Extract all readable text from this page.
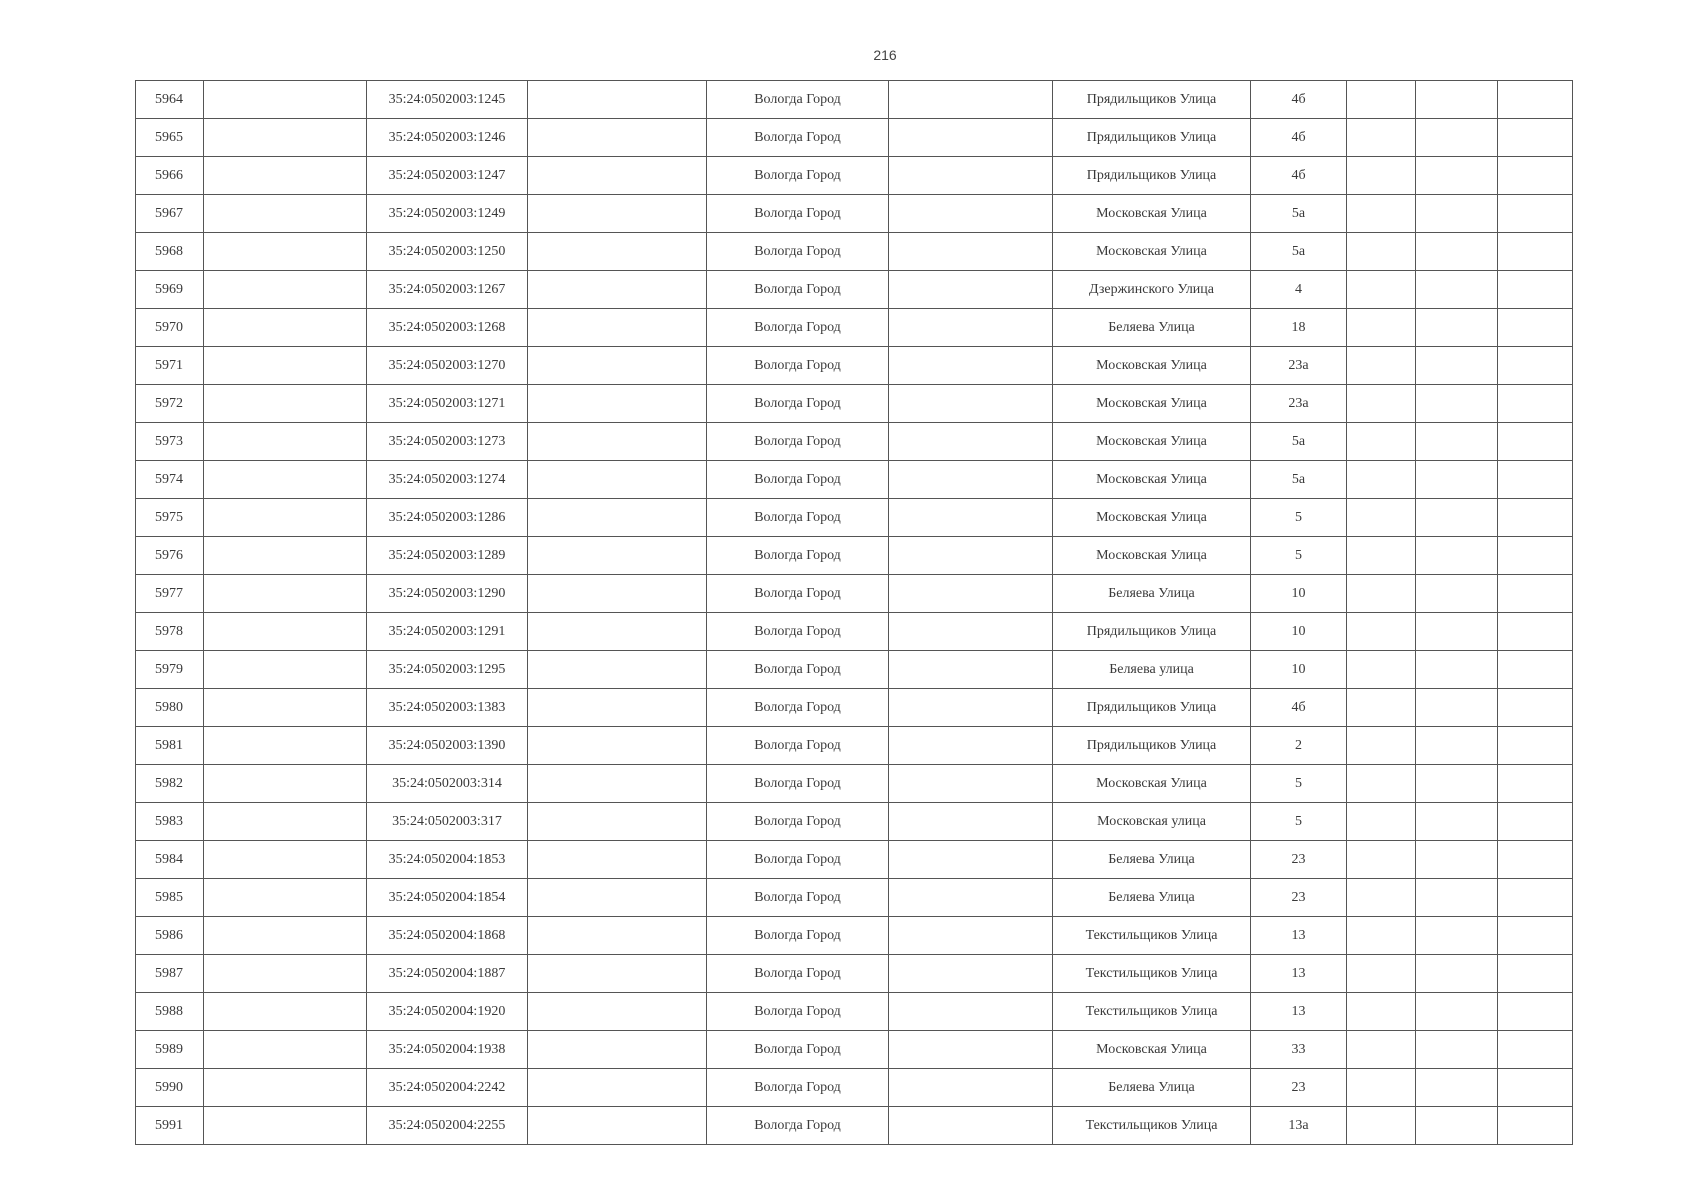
216
5964		35:24:0502003:1245		Вологда Город		Прядильщиков Улица	4б			
5965		35:24:0502003:1246		Вологда Город		Прядильщиков Улица	4б			
5966		35:24:0502003:1247		Вологда Город		Прядильщиков Улица	4б			
5967		35:24:0502003:1249		Вологда Город		Московская Улица	5а			
5968		35:24:0502003:1250		Вологда Город		Московская Улица	5а			
5969		35:24:0502003:1267		Вологда Город		Дзержинского Улица	4			
5970		35:24:0502003:1268		Вологда Город		Беляева Улица	18			
5971		35:24:0502003:1270		Вологда Город		Московская Улица	23а			
5972		35:24:0502003:1271		Вологда Город		Московская Улица	23а			
5973		35:24:0502003:1273		Вологда Город		Московская Улица	5а			
5974		35:24:0502003:1274		Вологда Город		Московская Улица	5а			
5975		35:24:0502003:1286		Вологда Город		Московская Улица	5			
5976		35:24:0502003:1289		Вологда Город		Московская Улица	5			
5977		35:24:0502003:1290		Вологда Город		Беляева Улица	10			
5978		35:24:0502003:1291		Вологда Город		Прядильщиков Улица	10			
5979		35:24:0502003:1295		Вологда Город		Беляева улица	10			
5980		35:24:0502003:1383		Вологда Город		Прядильщиков Улица	4б			
5981		35:24:0502003:1390		Вологда Город		Прядильщиков Улица	2			
5982		35:24:0502003:314		Вологда Город		Московская Улица	5			
5983		35:24:0502003:317		Вологда Город		Московская улица	5			
5984		35:24:0502004:1853		Вологда Город		Беляева Улица	23			
5985		35:24:0502004:1854		Вологда Город		Беляева Улица	23			
5986		35:24:0502004:1868		Вологда Город		Текстильщиков Улица	13			
5987		35:24:0502004:1887		Вологда Город		Текстильщиков Улица	13			
5988		35:24:0502004:1920		Вологда Город		Текстильщиков Улица	13			
5989		35:24:0502004:1938		Вологда Город		Московская Улица	33			
5990		35:24:0502004:2242		Вологда Город		Беляева Улица	23			
5991		35:24:0502004:2255		Вологда Город		Текстильщиков Улица	13а			
